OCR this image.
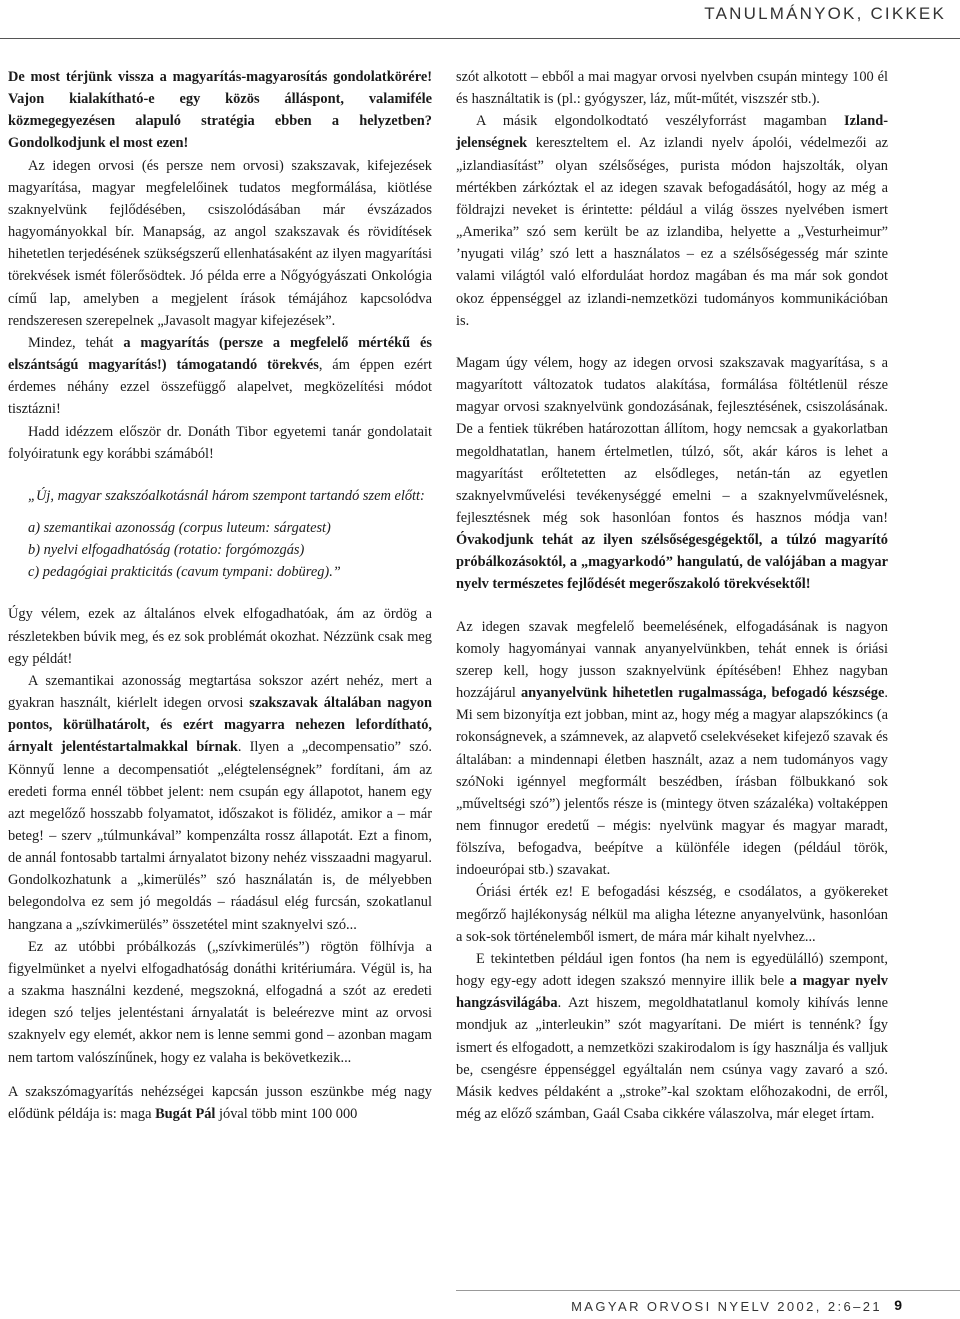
TANULMÁNYOK, CIKKEK

De most térjünk vissza a magyarítás-magyarosítás gondolatkörére! Vajon kialakítható-e egy közös álláspont, valamiféle közmegegyezésen alapuló stratégia ebben a helyzetben? Gondolkodjunk el most ezen!

Az idegen orvosi (és persze nem orvosi) szakszavak, kifejezések magyarítása, magyar megfelelőinek tudatos megformálása, kiötlése szaknyelvünk fejlődésében, csiszolódásában már évszázados hagyományokkal bír. Manapság, az angol szakszavak és rövidítések hihetetlen terjedésének szükségszerű ellenhatásaként az ilyen magyarítási törekvések ismét fölerősödtek. Jó példa erre a Nőgyógyászati Onkológia című lap, amelyben a megjelent írások témájához kapcsolódva rendszeresen szerepelnek „Javasolt magyar kifejezések”.

Mindez, tehát a magyarítás (persze a megfelelő mértékű és elszántságú magyarítás!) támogatandó törekvés, ám éppen ezért érdemes néhány ezzel összefüggő alapelvet, megközelítési módot tisztázni!

Hadd idézzem először dr. Donáth Tibor egyetemi tanár gondolatait folyóiratunk egy korábbi számából!

„Új, magyar szakszóalkotásnál három szempont tartandó szem előtt:

a) szemantikai azonosság (corpus luteum: sárgatest)
b) nyelvi elfogadhatóság (rotatio: forgómozgás)
c) pedagógiai prakticitás (cavum tympani: dobüreg).”

Úgy vélem, ezek az általános elvek elfogadhatóak, ám az ördög a részletekben búvik meg, és ez sok problémát okozhat. Nézzünk csak meg egy példát!

A szemantikai azonosság megtartása sokszor azért nehéz, mert a gyakran használt, kiérlelt idegen orvosi szakszavak általában nagyon pontos, körülhatárolt, és ezért magyarra nehezen lefordítható, árnyalt jelentéstartalmakkal bírnak. Ilyen a „decompensatio” szó. Könnyű lenne a decompensatiót „elégtelenségnek” fordítani, ám az eredeti forma ennél többet jelent: nem csupán egy állapotot, hanem egy azt megelőző hosszabb folyamatot, időszakot is fölidéz, amikor a – már beteg! – szerv „túlmunkával” kompenzálta rossz állapotát. Ezt a finom, de annál fontosabb tartalmi árnyalatot bizony nehéz visszaadni magyarul. Gondolkozhatunk a „kimerülés” szó használatán is, de mélyebben belegondolva ez sem jó megoldás – ráadásul elég furcsán, szokatlanul hangzana a „szívkimerülés” összetétel mint szaknyelvi szó...

Ez az utóbbi próbálkozás („szívkimerülés”) rögtön fölhívja a figyelmünket a nyelvi elfogadhatóság donáthi kritériumára. Végül is, ha a szakma használni kezdené, megszokná, elfogadná a szót az eredeti idegen szó teljes jelentéstani árnyalatát is beleérezve mint az orvosi szaknyelv egy elemét, akkor nem is lenne semmi gond – azonban magam nem tartom valószínűnek, hogy ez valaha is bekövetkezik...

A szakszómagyarítás nehézségei kapcsán jusson eszünkbe még nagy elődünk példája is: maga Bugát Pál jóval több mint 100 000

szót alkotott – ebből a mai magyar orvosi nyelvben csupán mintegy 100 él és használtatik is (pl.: gyógyszer, láz, műt-műtét, viszszér stb.).

A másik elgondolkodtató veszélyforrást magamban Izland-jelenségnek kereszteltem el. Az izlandi nyelv ápolói, védelmezői az „izlandiasítást” olyan szélsőséges, purista módon hajszolták, olyan mértékben zárkóztak el az idegen szavak befogadásától, hogy az még a földrajzi neveket is érintette: például a világ összes nyelvében ismert „Amerika” szó sem került be az izlandiba, helyette a „Vesturheimur” ’nyugati világ’ szó lett a használatos – ez a szélsőségesség már szinte valami világtól való elforduláat hordoz magában és ma már sok gondot okoz éppenséggel az izlandi-nemzetközi tudományos kommunikációban is.

Magam úgy vélem, hogy az idegen orvosi szakszavak magyarítása, s a magyarított változatok tudatos alakítása, formálása föltétlenül része magyar orvosi szaknyelvünk gondozásának, fejlesztésének, csiszolásának. De a fentiek tükrében határozottan állítom, hogy nemcsak a gyakorlatban megoldhatatlan, hanem értelmetlen, túlzó, sőt, akár káros is lehet a magyarítást erőltetetten az elsődleges, netán-tán az egyetlen szaknyelvművelési tevékenységgé emelni – a szaknyelvművelésnek, fejlesztésnek még sok hasonlóan fontos és hasznos módja van! Óvakodjunk tehát az ilyen szélsőségesgégektől, a túlzó magyarító próbálkozásoktól, a „magyarkodó” hangulatú, de valójában a magyar nyelv természetes fejlődését megerőszakoló törekvésektől!

Az idegen szavak megfelelő beemelésének, elfogadásának is nagyon komoly hagyományai vannak anyanyelvünkben, tehát ennek is óriási szerep kell, hogy jusson szaknyelvünk építésében! Ehhez nagyban hozzájárul anyanyelvünk hihetetlen rugalmassága, befogadó készsége. Mi sem bizonyítja ezt jobban, mint az, hogy még a magyar alapszókincs (a rokonságnevek, a számnevek, az alapvető cselekvéseket kifejező szavak és általában: a mindennapi életben használt, azaz a nem tudományos vagy szóNoki igénnyel megformált beszédben, írásban fölbukkanó sok „műveltségi szó”) jelentős része is (mintegy ötven százaléka) voltaképpen nem finnugor eredetű – mégis: nyelvünk magyar és magyar maradt, fölszíva, befogadva, beépítve a különféle idegen (például török, indoeurópai stb.) szavakat.

Óriási érték ez! E befogadási készség, e csodálatos, a gyökereket megőrző hajlékonyság nélkül ma aligha létezne anyanyelvünk, hasonlóan a sok-sok történelemből ismert, de mára már kihalt nyelvhez...

E tekintetben például igen fontos (ha nem is egyedülálló) szempont, hogy egy-egy adott idegen szakszó mennyire illik bele a magyar nyelv hangzásvilágába. Azt hiszem, megoldhatatlanul komoly kihívás lenne mondjuk az „interleukin” szót magyarítani. De miért is tennénk? Így ismert és elfogadott, a nemzetközi szakirodalom is így használja és valljuk be, csengésre éppenséggel egyáltalán nem csúnya vagy zavaró a szó. Másik kedves példaként a „stroke”-kal szoktam előhozakodni, de erről, még az előző számban, Gaál Csaba cikkére válaszolva, már eleget írtam.

MAGYAR ORVOSI NYELV 2002, 2:6–21 9
